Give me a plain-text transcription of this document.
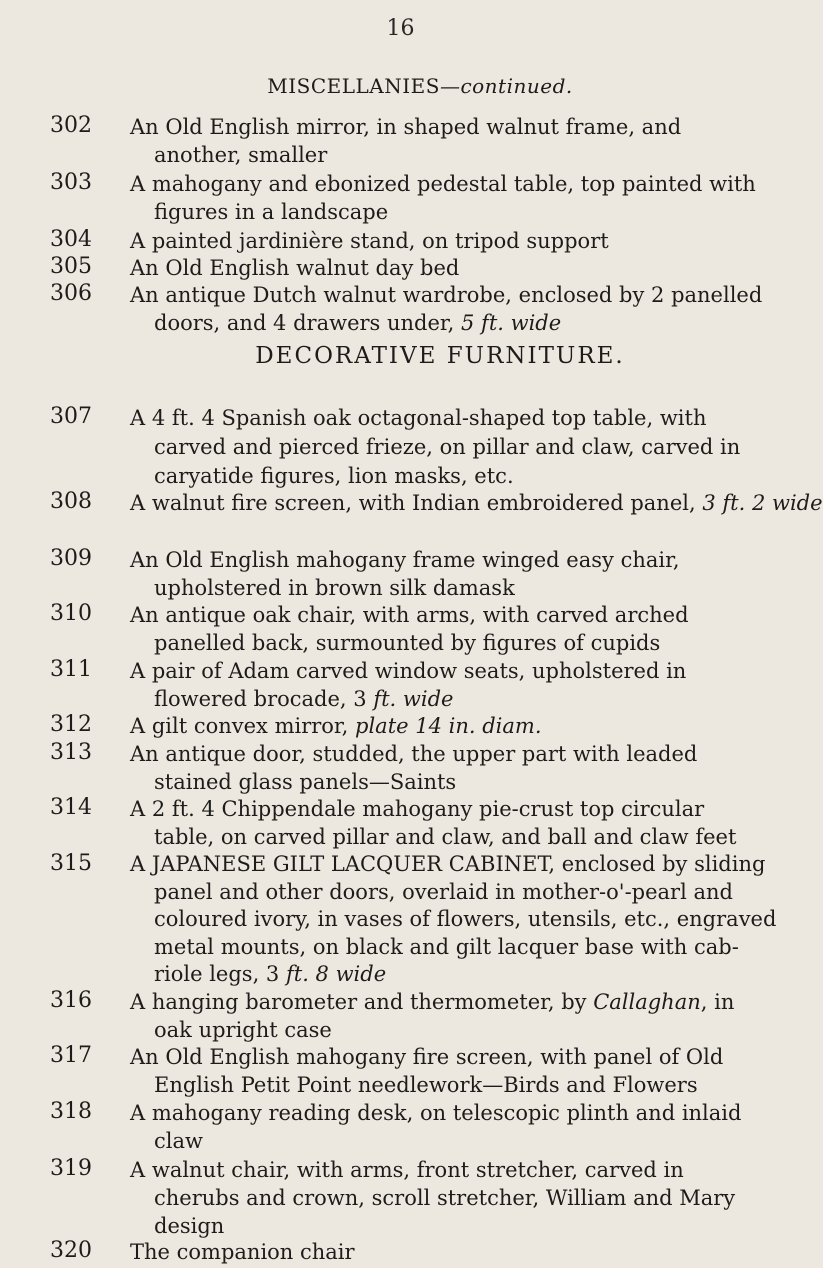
16
MISCELLANIES—continued.
DECORATIVE FURNITURE.
302	An Old English mirror, in shaped walnut frame, and
another, smaller
303	A mahogany and ebonized pedestal table, top painted with
figures in a landscape
304	A painted jardinière stand, on tripod support
305	An Old English walnut day bed
306	An antique Dutch walnut wardrobe, enclosed by 2 panelled
doors, and 4 drawers under, 5 ft. wide
307	A 4 ft. 4 Spanish oak octagonal-shaped top table, with
carved and pierced frieze, on pillar and claw, carved in
caryatide figures, lion masks, etc.
308	A walnut fire screen, with Indian embroidered panel, 3 ft. 2 wide
309	An Old English mahogany frame winged easy chair,
upholstered in brown silk damask
310	An antique oak chair, with arms, with carved arched
panelled back, surmounted by figures of cupids
311	A pair of Adam carved window seats, upholstered in
flowered brocade, 3 ft. wide
312	A gilt convex mirror, plate 14 in. diam.
313	An antique door, studded, the upper part with leaded
stained glass panels—Saints
314	A 2 ft. 4 Chippendale mahogany pie-crust top circular
table, on carved pillar and claw, and ball and claw feet
315	A JAPANESE GILT LACQUER CABINET, enclosed by sliding
panel and other doors, overlaid in mother-o'-pearl and
coloured ivory, in vases of flowers, utensils, etc., engraved
metal mounts, on black and gilt lacquer base with cab-
riole legs, 3 ft. 8 wide
316	A hanging barometer and thermometer, by Callaghan, in
oak upright case
317	An Old English mahogany fire screen, with panel of Old
English Petit Point needlework—Birds and Flowers
318	A mahogany reading desk, on telescopic plinth and inlaid
claw
319	A walnut chair, with arms, front stretcher, carved in
cherubs and crown, scroll stretcher, William and Mary
design
320	The companion chair
